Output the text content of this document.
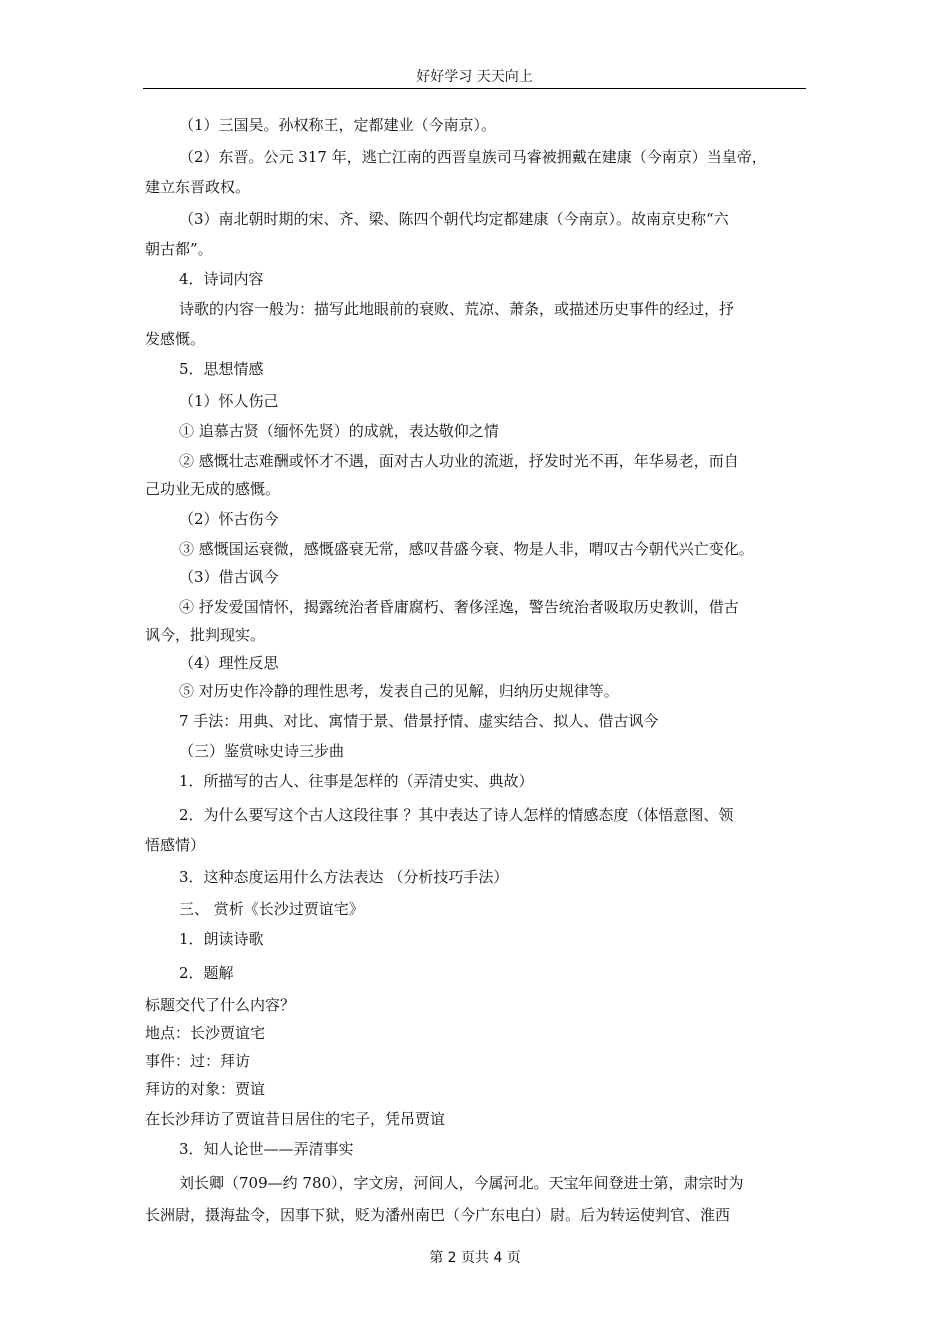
好好学习 天天向上
（1）三国吴。孙权称王，定都建业（今南京）。
（2）东晋。公元 317 年，逃亡江南的西晋皇族司马睿被拥戴在建康（今南京）当皇帝，
建立东晋政权。
（3）南北朝时期的宋、齐、梁、陈四个朝代均定都建康（今南京）。故南京史称“六
朝古都”。
4．诗词内容
诗歌的内容一般为：描写此地眼前的衰败、荒凉、萧条，或描述历史事件的经过，抒
发感慨。
5．思想情感
（1）怀人伤己
① 追慕古贤（缅怀先贤）的成就，表达敬仰之情
② 感慨壮志难酬或怀才不遇，面对古人功业的流逝，抒发时光不再，年华易老，而自
己功业无成的感慨。
（2）怀古伤今
③ 感慨国运衰微，感慨盛衰无常，感叹昔盛今衰、物是人非，喟叹古今朝代兴亡变化。
（3）借古讽今
④ 抒发爱国情怀，揭露统治者昏庸腐朽、奢侈淫逸，警告统治者吸取历史教训，借古
讽今，批判现实。
（4）理性反思
⑤ 对历史作冷静的理性思考，发表自己的见解，归纳历史规律等。
7 手法：用典、对比、寓情于景、借景抒情、虚实结合、拟人、借古讽今
（三）鉴赏咏史诗三步曲
1．所描写的古人、往事是怎样的（弄清史实、典故）
2．为什么要写这个古人这段往事 ？其中表达了诗人怎样的情感态度（体悟意图、领
悟感情）
3．这种态度运用什么方法表达 （分析技巧手法）
三、 赏析《长沙过贾谊宅》
1．朗读诗歌
2．题解
标题交代了什么内容？
地点：长沙贾谊宅
事件：过：拜访
拜访的对象：贾谊
在长沙拜访了贾谊昔日居住的宅子，凭吊贾谊
3．知人论世——弄清事实
刘长卿（709—约 780），字文房，河间人，今属河北。天宝年间登进士第，肃宗时为
长洲尉，摄海盐令，因事下狱，贬为潘州南巴（今广东电白）尉。后为转运使判官、淮西
第 2 页共 4 页
